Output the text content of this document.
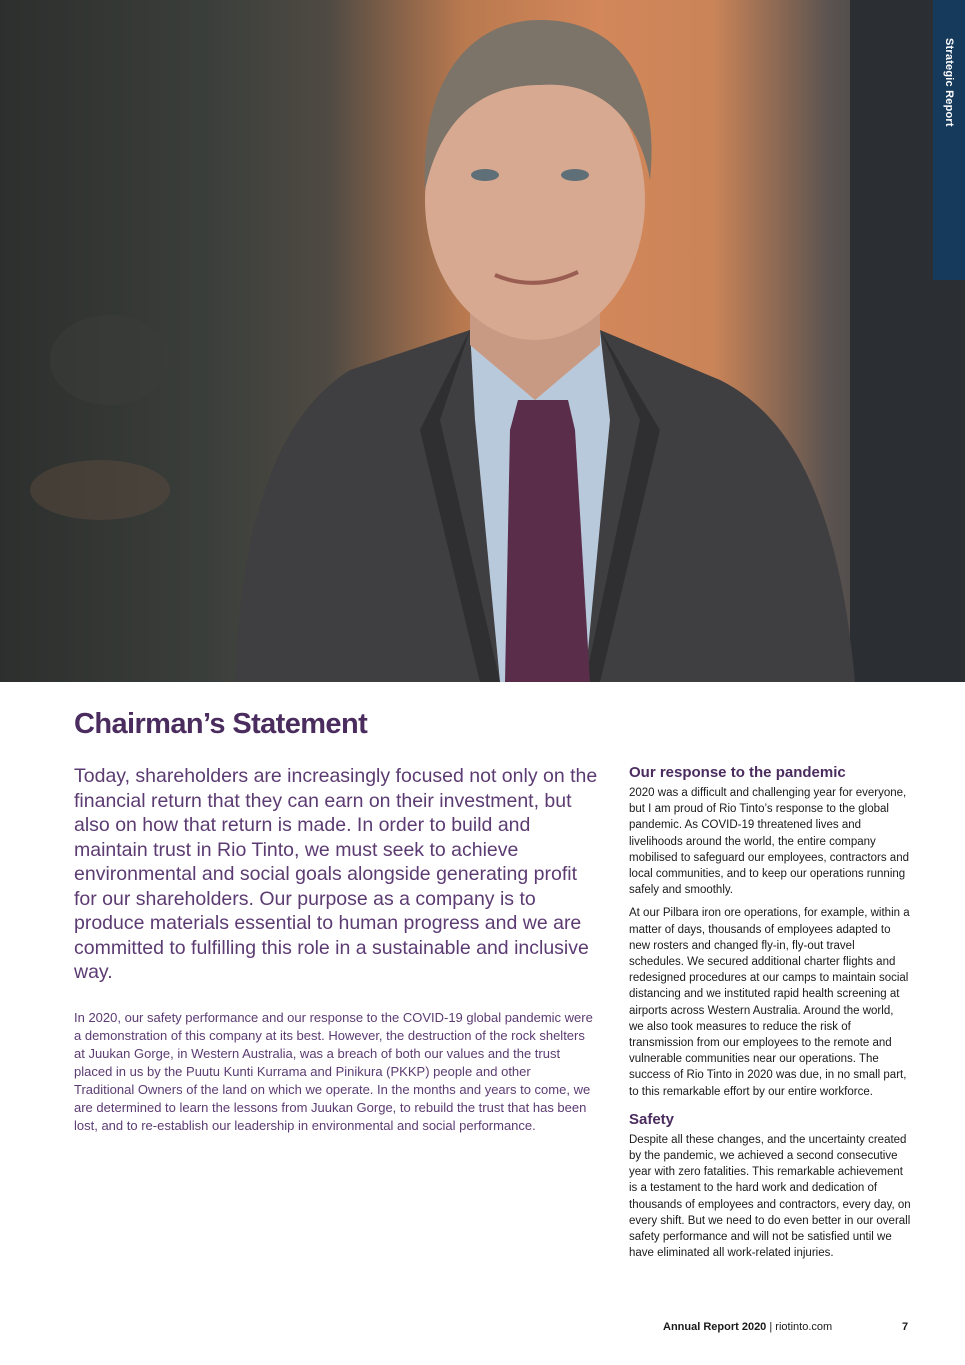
Strategic Report
Chairman’s Statement

Today, shareholders are increasingly focused not only on the financial return that they can earn on their investment, but also on how that return is made. In order to build and maintain trust in Rio Tinto, we must seek to achieve environmental and social goals alongside generating profit for our shareholders. Our purpose as a company is to produce materials essential to human progress and we are committed to fulfilling this role in a sustainable and inclusive way.

In 2020, our safety performance and our response to the COVID-19 global pandemic were a demonstration of this company at its best. However, the destruction of the rock shelters at Juukan Gorge, in Western Australia, was a breach of both our values and the trust placed in us by the Puutu Kunti Kurrama and Pinikura (PKKP) people and other Traditional Owners of the land on which we operate. In the months and years to come, we are determined to learn the lessons from Juukan Gorge, to rebuild the trust that has been lost, and to re-establish our leadership in environmental and social performance.

Our response to the pandemic

2020 was a difficult and challenging year for everyone, but I am proud of Rio Tinto’s response to the global pandemic. As COVID-19 threatened lives and livelihoods around the world, the entire company mobilised to safeguard our employees, contractors and local communities, and to keep our operations running safely and smoothly.

At our Pilbara iron ore operations, for example, within a matter of days, thousands of employees adapted to new rosters and changed fly-in, fly-out travel schedules. We secured additional charter flights and redesigned procedures at our camps to maintain social distancing and we instituted rapid health screening at airports across Western Australia. Around the world, we also took measures to reduce the risk of transmission from our employees to the remote and vulnerable communities near our operations. The success of Rio Tinto in 2020 was due, in no small part, to this remarkable effort by our entire workforce.

Safety

Despite all these changes, and the uncertainty created by the pandemic, we achieved a second consecutive year with zero fatalities. This remarkable achievement is a testament to the hard work and dedication of thousands of employees and contractors, every day, on every shift. But we need to do even better in our overall safety performance and will not be satisfied until we have eliminated all work-related injuries.

Annual Report 2020 | riotinto.com	7
